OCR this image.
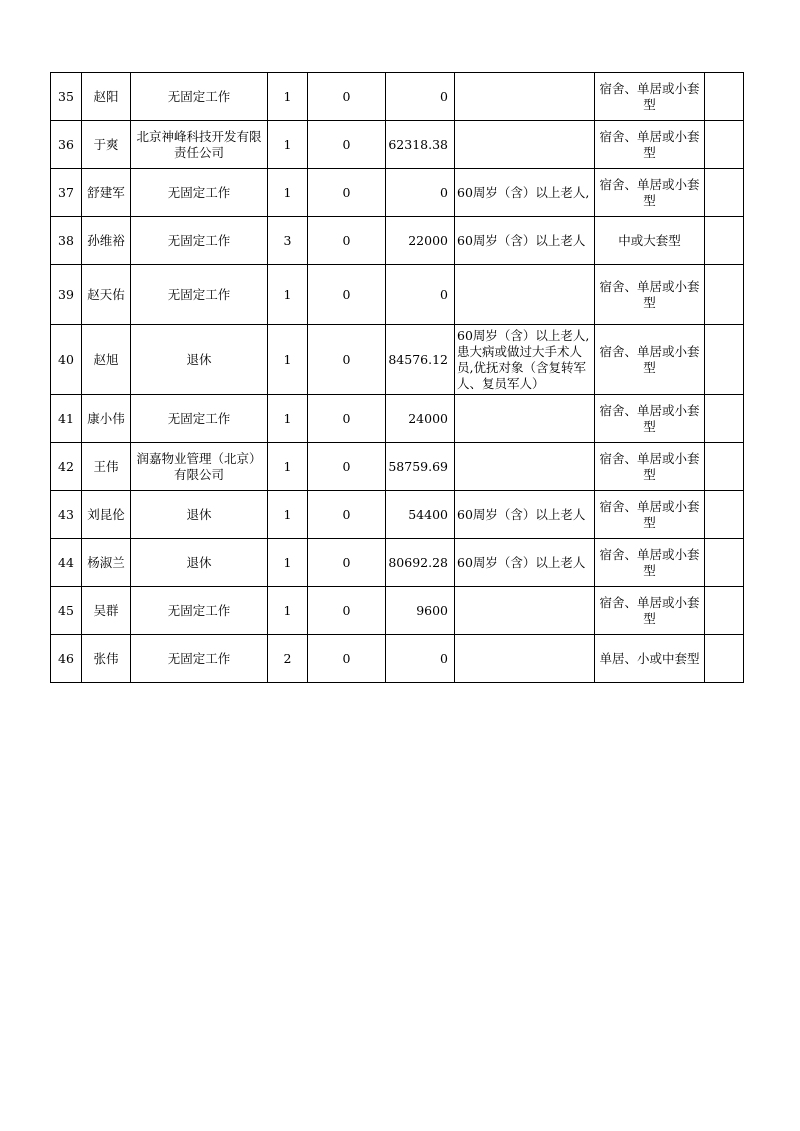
35	赵阳	无固定工作	1	0	0		宿舍、单居或小套型	
36	于爽	北京神峰科技开发有限责任公司	1	0	62318.38		宿舍、单居或小套型	
37	舒建军	无固定工作	1	0	0	60周岁（含）以上老人,	宿舍、单居或小套型	
38	孙维裕	无固定工作	3	0	22000	60周岁（含）以上老人	中或大套型	
39	赵天佑	无固定工作	1	0	0		宿舍、单居或小套型	
40	赵旭	退休	1	0	84576.12	60周岁（含）以上老人,患大病或做过大手术人员,优抚对象（含复转军人、复员军人）	宿舍、单居或小套型	
41	康小伟	无固定工作	1	0	24000		宿舍、单居或小套型	
42	王伟	润嘉物业管理（北京）有限公司	1	0	58759.69		宿舍、单居或小套型	
43	刘昆伦	退休	1	0	54400	60周岁（含）以上老人	宿舍、单居或小套型	
44	杨淑兰	退休	1	0	80692.28	60周岁（含）以上老人	宿舍、单居或小套型	
45	吴群	无固定工作	1	0	9600		宿舍、单居或小套型	
46	张伟	无固定工作	2	0	0		单居、小或中套型	
